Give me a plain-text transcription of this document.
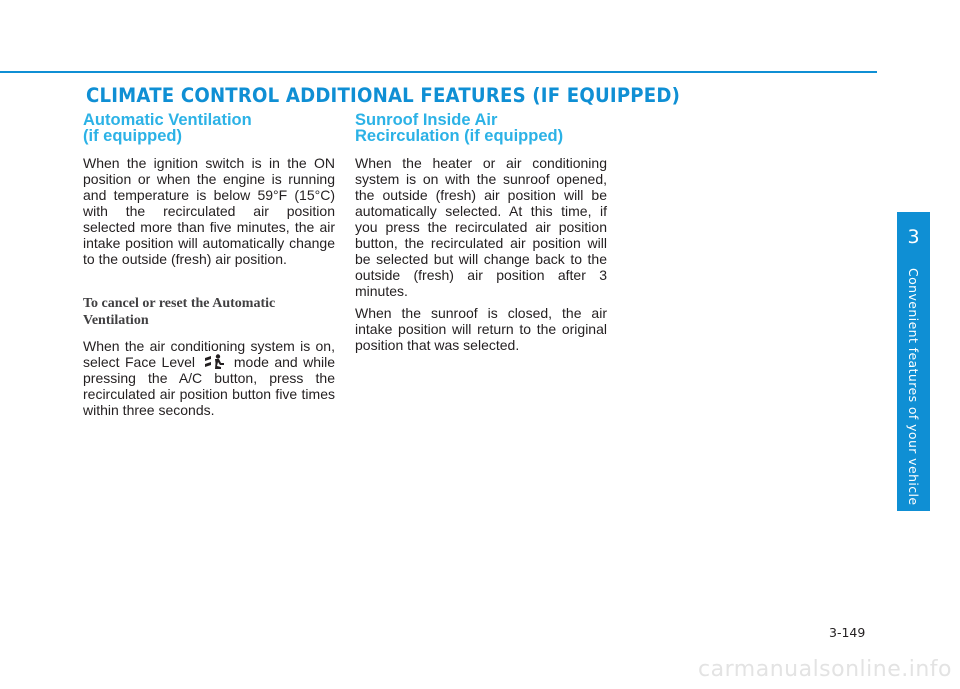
CLIMATE CONTROL ADDITIONAL FEATURES (IF EQUIPPED)
Automatic Ventilation
(if equipped)

When the ignition switch is in the ON position or when the engine is running and temperature is below 59°F (15°C) with the recirculated air position selected more than five minutes, the air intake position will automatically change to the outside (fresh) air position.

To cancel or reset the Automatic Ventilation

When the air conditioning system is on, select Face Level	mode and while pressing the A/C button, press the recirculated air position button five times within three seconds.

Sunroof Inside Air
Recirculation (if equipped)

When the heater or air conditioning system is on with the sunroof opened, the outside (fresh) air position will be automatically selected. At this time, if you press the recirculated air position button, the recirculated air position will be selected but will change back to the outside (fresh) air position after 3 minutes.

When the sunroof is closed, the air intake position will return to the original position that was selected.

3
Convenient features of your vehicle
3-149
carmanualsonline.info
